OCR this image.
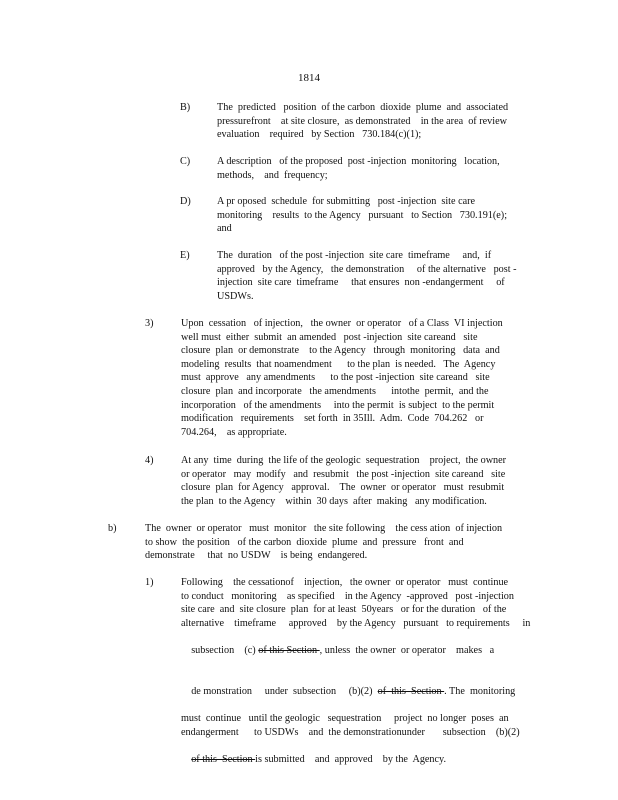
1814
B)	The  predicted   position  of the carbon  dioxide  plume  and  associated
pressurefront    at site closure,  as demonstrated    in the area  of review
evaluation    required   by Section   730.184(c)(1);
C)	A description   of the proposed  post -injection  monitoring   location,
methods,    and  frequency;
D)	A pr oposed  schedule  for submitting   post -injection  site care
monitoring    results  to the Agency   pursuant   to Section   730.191(e);
and
E)	The  duration   of the post -injection  site care  timeframe     and,  if
approved   by the Agency,   the demonstration     of the alternative   post -
injection  site care  timeframe     that ensures  non -endangerment     of
USDWs.
3)	Upon  cessation   of injection,   the owner  or operator   of a Class  VI injection
well must  either  submit  an amended   post -injection  site careand   site
closure  plan  or demonstrate    to the Agency   through  monitoring   data  and
modeling  results  that noamendment      to the plan  is needed.   The  Agency
must  approve   any amendments      to the post -injection  site careand   site
closure  plan  and incorporate   the amendments      intothe  permit,  and the
incorporation   of the amendments     into the permit  is subject  to the permit
modification   requirements    set forth  in 35Ill.  Adm.  Code  704.262   or
704.264,    as appropriate.
4)	At any  time  during  the life of the geologic  sequestration    project,  the owner
or operator   may  modify   and  resubmit   the post -injection  site careand   site
closure  plan  for Agency   approval.    The  owner  or operator   must  resubmit
the plan  to the Agency    within  30 days  after  making   any modification.
b)	The  owner  or operator   must  monitor   the site following    the cess ation  of injection
to show  the position   of the carbon  dioxide  plume  and  pressure   front  and
demonstrate     that  no USDW    is being  endangered.
1)	Following    the cessationof    injection,   the owner  or operator   must  continue
to conduct   monitoring    as specified    in the Agency  -approved   post -injection
site care  and  site closure  plan  for at least  50years   or for the duration   of the
alternative    timeframe     approved    by the Agency   pursuant   to requirements     in

subsection    (c) of this Section , unless  the owner  or operator    makes   a

de monstration     under  subsection     (b)(2)  of  this  Section . The  monitoring

must  continue   until the geologic   sequestration     project  no longer  poses  an
endangerment      to USDWs    and  the demonstrationunder       subsection    (b)(2)

of this  Section is submitted    and  approved    by the  Agency.
